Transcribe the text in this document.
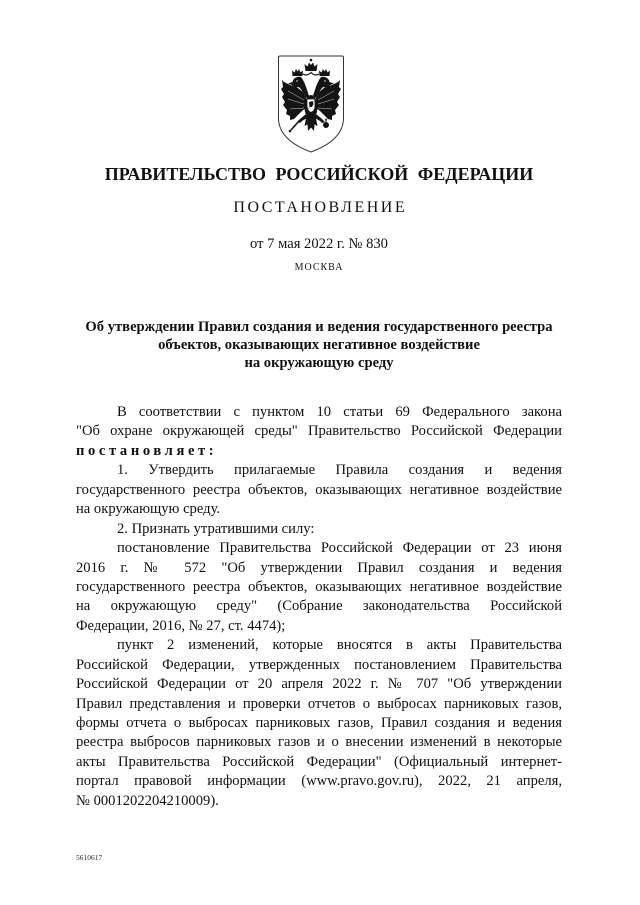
ПРАВИТЕЛЬСТВО РОССИЙСКОЙ ФЕДЕРАЦИИ
ПОСТАНОВЛЕНИЕ
от 7 мая 2022 г. № 830
МОСКВА
Об утверждении Правил создания и ведения государственного реестра
объектов, оказывающих негативное воздействие
на окружающую среду
В соответствии с пунктом 10 статьи 69 Федерального закона
"Об охране окружающей среды" Правительство Российской Федерации
постановляет:
1. Утвердить прилагаемые Правила создания и ведения
государственного реестра объектов, оказывающих негативное воздействие
на окружающую среду.
2. Признать утратившими силу:
постановление Правительства Российской Федерации от 23 июня
2016 г. № 572 "Об утверждении Правил создания и ведения
государственного реестра объектов, оказывающих негативное воздействие
на окружающую среду" (Собрание законодательства Российской
Федерации, 2016, № 27, ст. 4474);
пункт 2 изменений, которые вносятся в акты Правительства
Российской Федерации, утвержденных постановлением Правительства
Российской Федерации от 20 апреля 2022 г. № 707 "Об утверждении
Правил представления и проверки отчетов о выбросах парниковых газов,
формы отчета о выбросах парниковых газов, Правил создания и ведения
реестра выбросов парниковых газов и о внесении изменений в некоторые
акты Правительства Российской Федерации" (Официальный интернет-
портал правовой информации (www.pravo.gov.ru), 2022, 21 апреля,
№ 0001202204210009).
5610617
